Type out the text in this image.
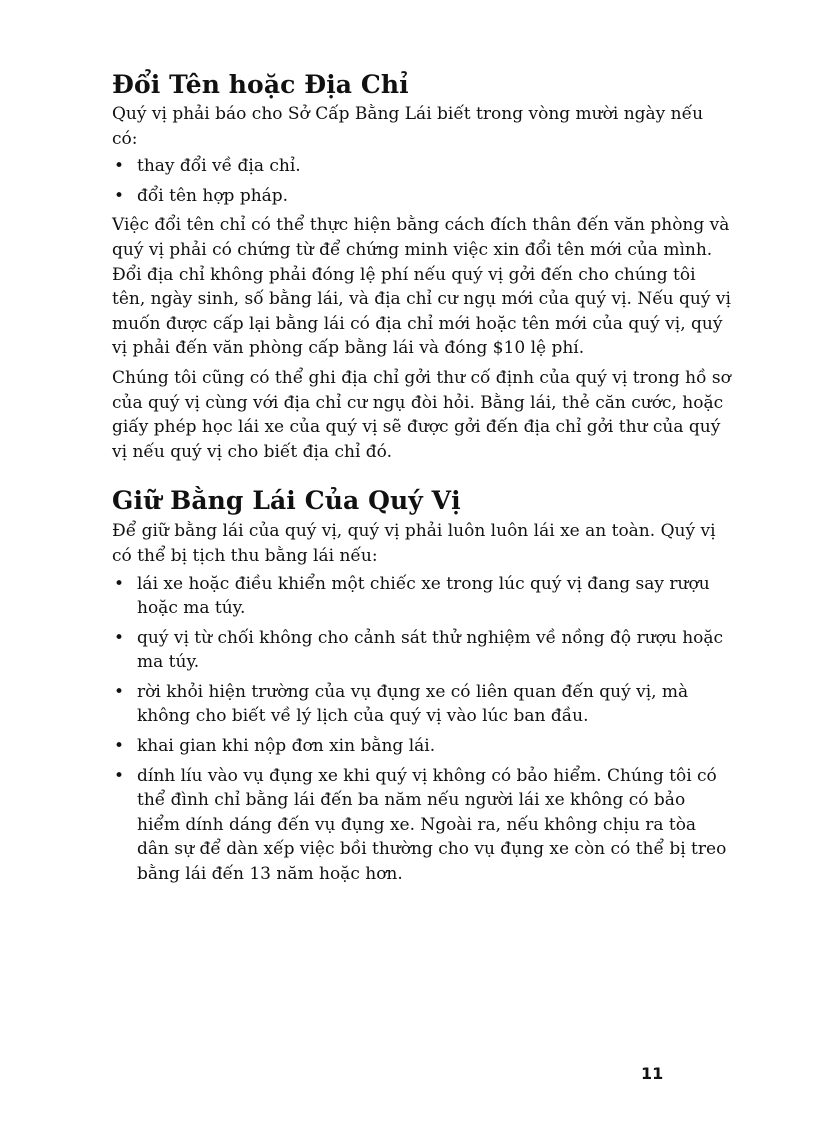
Đổi Tên hoặc Địa Chỉ

Quý vị phải báo cho Sở Cấp Bằng Lái biết trong vòng mười ngày nếu có:

• thay đổi về địa chỉ.
• đổi tên hợp pháp.

Việc đổi tên chỉ có thể thực hiện bằng cách đích thân đến văn phòng và quý vị phải có chứng từ để chứng minh việc xin đổi tên mới của mình. Đổi địa chỉ không phải đóng lệ phí nếu quý vị gởi đến cho chúng tôi tên, ngày sinh, số bằng lái, và địa chỉ cư ngụ mới của quý vị. Nếu quý vị muốn được cấp lại bằng lái có địa chỉ mới hoặc tên mới của quý vị, quý vị phải đến văn phòng cấp bằng lái và đóng $10 lệ phí.

Chúng tôi cũng có thể ghi địa chỉ gởi thư cố định của quý vị trong hồ sơ của quý vị cùng với địa chỉ cư ngụ đòi hỏi. Bằng lái, thẻ căn cước, hoặc giấy phép học lái xe của quý vị sẽ được gởi đến địa chỉ gởi thư của quý vị nếu quý vị cho biết địa chỉ đó.

Giữ Bằng Lái Của Quý Vị

Để giữ bằng lái của quý vị, quý vị phải luôn luôn lái xe an toàn. Quý vị có thể bị tịch thu bằng lái nếu:

• lái xe hoặc điều khiển một chiếc xe trong lúc quý vị đang say rượu hoặc ma túy.
• quý vị từ chối không cho cảnh sát thử nghiệm về nồng độ rượu hoặc ma túy.
• rời khỏi hiện trường của vụ đụng xe có liên quan đến quý vị, mà không cho biết về lý lịch của quý vị vào lúc ban đầu.
• khai gian khi nộp đơn xin bằng lái.
• dính líu vào vụ đụng xe khi quý vị không có bảo hiểm. Chúng tôi có thể đình chỉ bằng lái đến ba năm nếu người lái xe không có bảo hiểm dính dáng đến vụ đụng xe. Ngoài ra, nếu không chịu ra tòa dân sự để dàn xếp việc bồi thường cho vụ đụng xe còn có thể bị treo bằng lái đến 13 năm hoặc hơn.
11
